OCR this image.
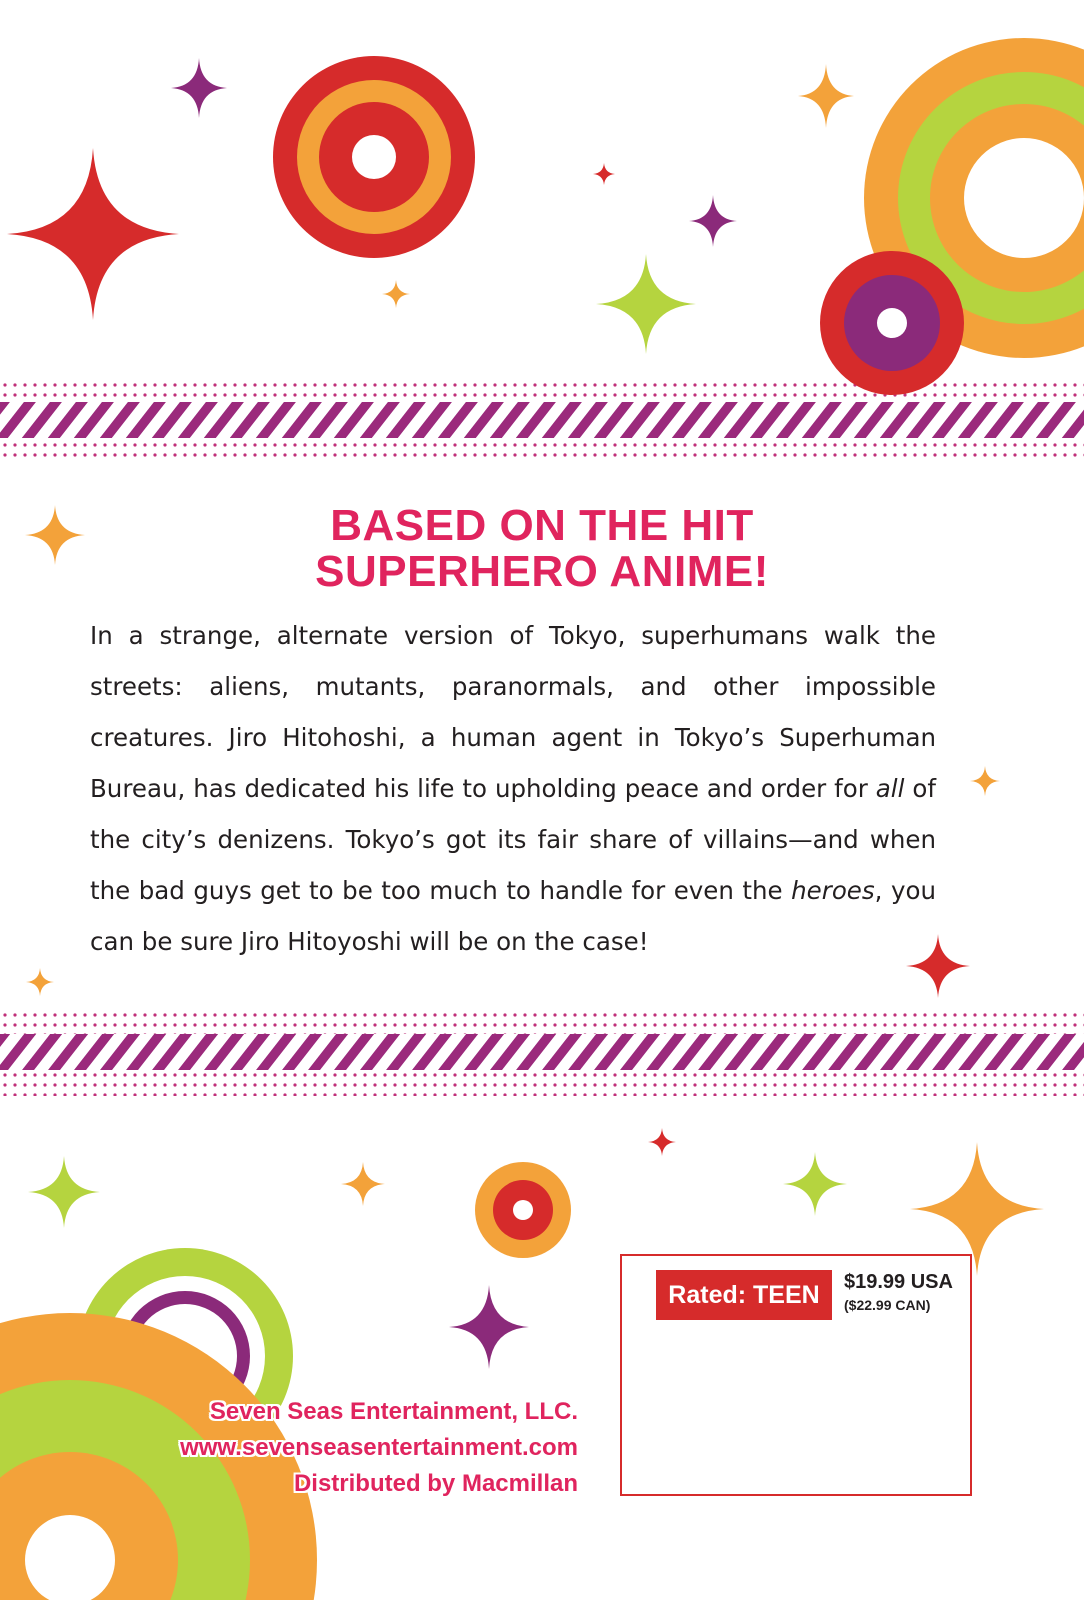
BASED ON THE HIT
SUPERHERO ANIME!

In a strange, alternate version of Tokyo, superhumans walk the streets: aliens, mutants, paranormals, and other impossible creatures. Jiro Hitohoshi, a human agent in Tokyo’s Superhuman Bureau, has dedicated his life to upholding peace and order for all of the city’s denizens. Tokyo’s got its fair share of villains—and when the bad guys get to be too much to handle for even the heroes, you can be sure Jiro Hitoyoshi will be on the case!

Rated: TEEN	$19.99 USA
($22.99 CAN)
Seven Seas Entertainment, LLC.
www.sevenseasentertainment.com
Distributed by Macmillan
